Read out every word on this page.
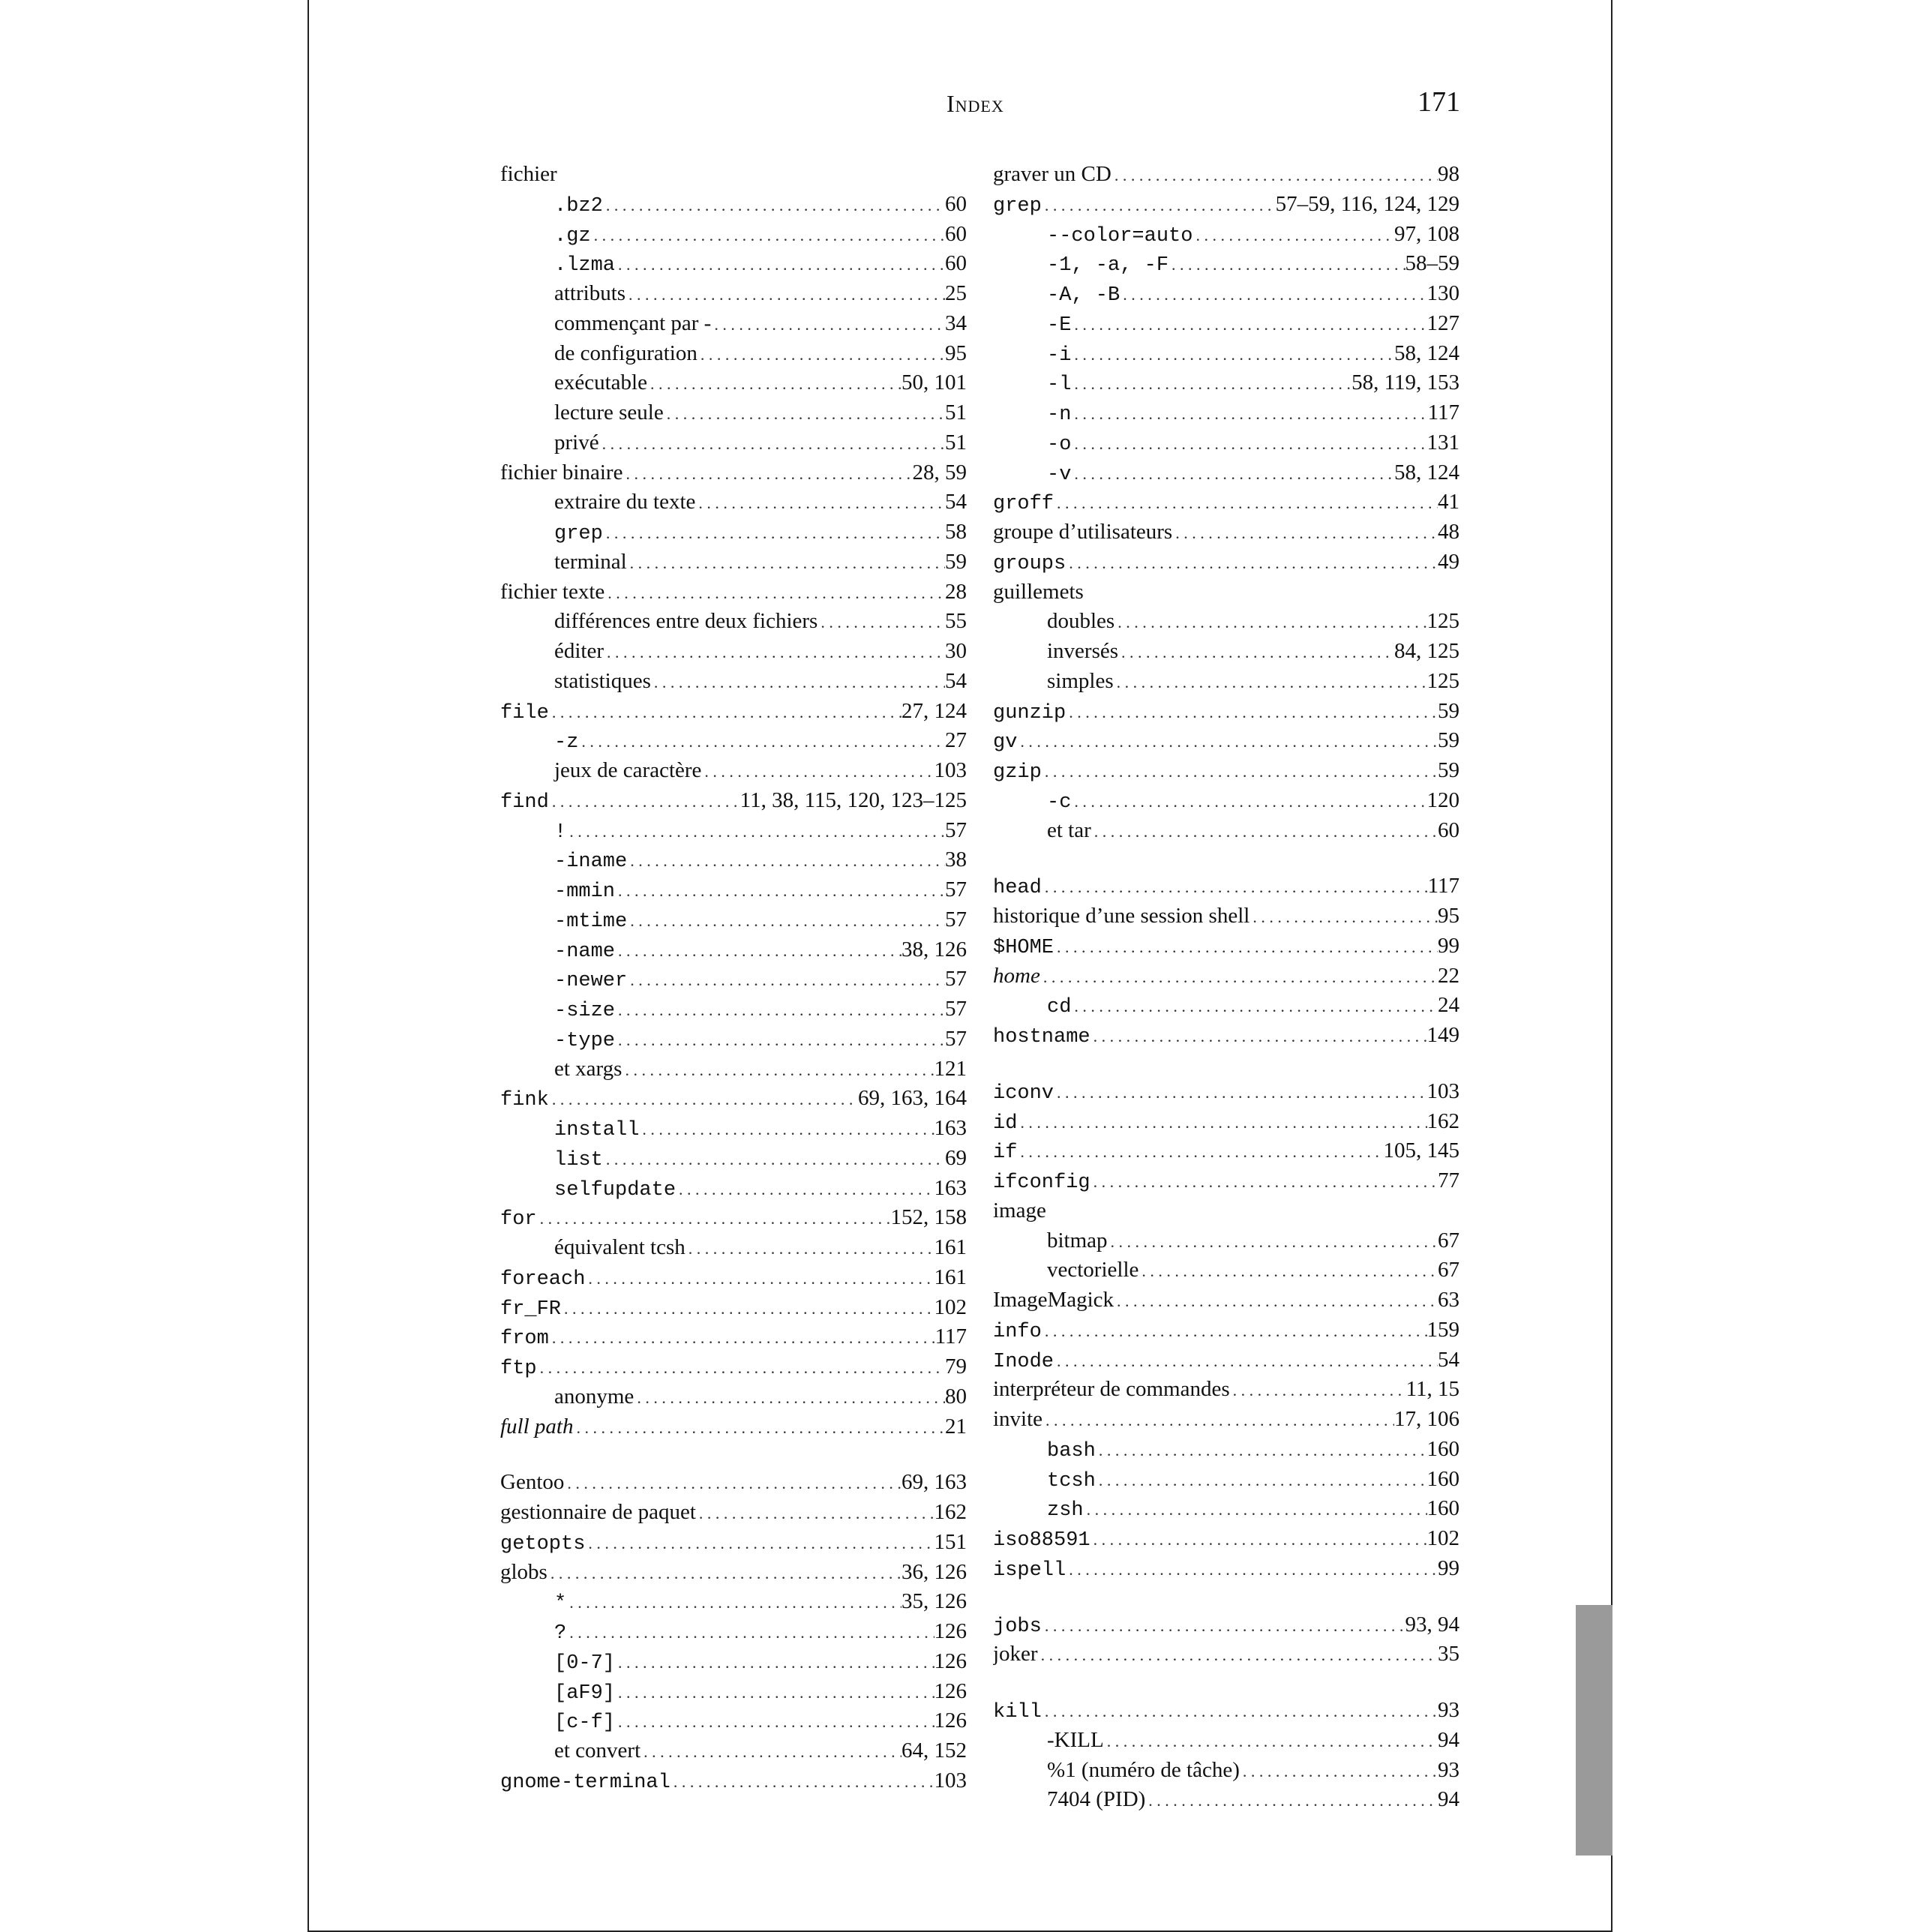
Index	171
fichier
.bz2 . . .	60
.gz . . .	60
.lzma . . .	60
attributs . . .	25
commençant par - . . .	34
de configuration . . .	95
exécutable . . .	50, 101
lecture seule . . .	51
privé . . .	51
fichier binaire . . .	28, 59
extraire du texte . . .	54
grep . . .	58
terminal . . .	59
fichier texte . . .	28
différences entre deux fichiers . . .	55
éditer . . .	30
statistiques . . .	54
file . . .	27, 124
-z . . .	27
jeux de caractère . . .	103
find . . .	11, 38, 115, 120, 123–125
! . . .	57
-iname . . .	38
-mmin . . .	57
-mtime . . .	57
-name . . .	38, 126
-newer . . .	57
-size . . .	57
-type . . .	57
et xargs . . .	121
fink . . .	69, 163, 164
install . . .	163
list . . .	69
selfupdate . . .	163
for . . .	152, 158
équivalent tcsh . . .	161
foreach . . .	161
fr_FR . . .	102
from . . .	117
ftp . . .	79
anonyme . . .	80
full path . . .	21
Gentoo . . .	69, 163
gestionnaire de paquet . . .	162
getopts . . .	151
globs . . .	36, 126
* . . .	35, 126
? . . .	126
[0-7] . . .	126
[aF9] . . .	126
[c-f] . . .	126
et convert . . .	64, 152
gnome-terminal . . .	103
graver un CD . . .	98
grep . . .	57–59, 116, 124, 129
--color=auto . . .	97, 108
-1, -a, -F . . .	58–59
-A, -B . . .	130
-E . . .	127
-i . . .	58, 124
-l . . .	58, 119, 153
-n . . .	117
-o . . .	131
-v . . .	58, 124
groff . . .	41
groupe d’utilisateurs . . .	48
groups . . .	49
guillemets
doubles . . .	125
inversés . . .	84, 125
simples . . .	125
gunzip . . .	59
gv . . .	59
gzip . . .	59
-c . . .	120
et tar . . .	60
head . . .	117
historique d’une session shell . . .	95
$HOME . . .	99
home . . .	22
cd . . .	24
hostname . . .	149
iconv . . .	103
id . . .	162
if . . .	105, 145
ifconfig . . .	77
image
bitmap . . .	67
vectorielle . . .	67
ImageMagick . . .	63
info . . .	159
Inode . . .	54
interpréteur de commandes . . .	11, 15
invite . . .	17, 106
bash . . .	160
tcsh . . .	160
zsh . . .	160
iso88591 . . .	102
ispell . . .	99
jobs . . .	93, 94
joker . . .	35
kill . . .	93
-KILL . . .	94
%1 (numéro de tâche) . . .	93
7404 (PID) . . .	94
